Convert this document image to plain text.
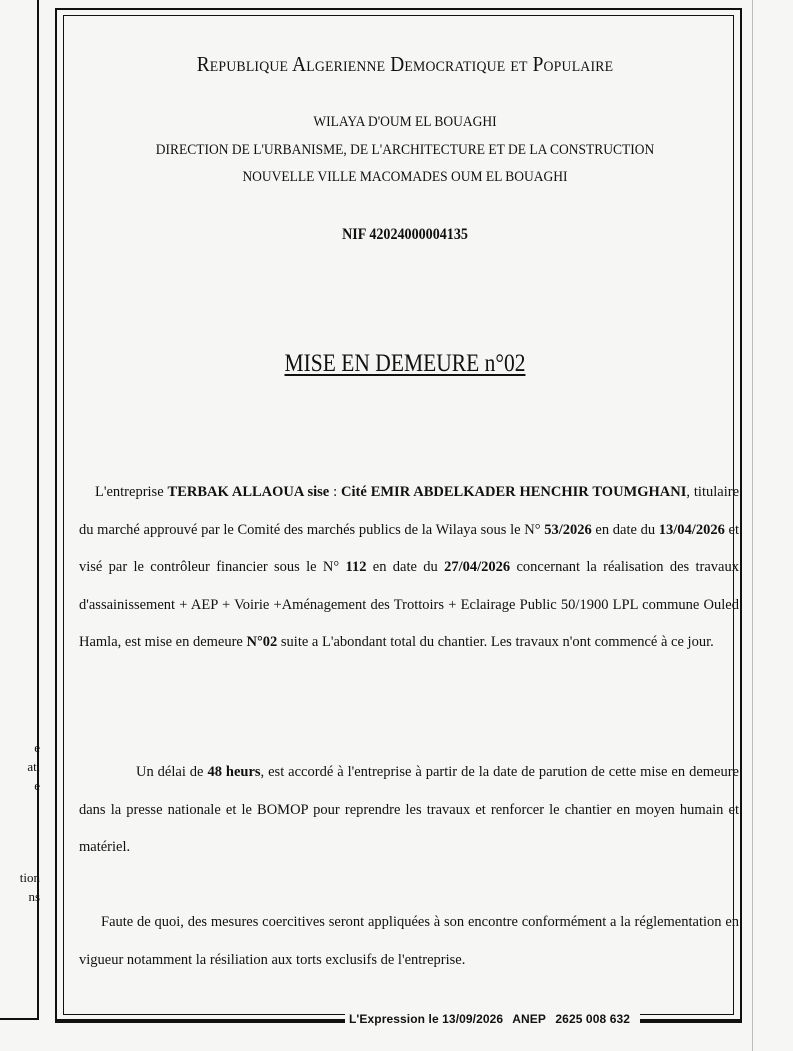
e
at,
e
tion
ns
L'Expression le 13/09/2026 ANEP 2625 008 632
Republique Algerienne Democratique et Populaire
WILAYA D'OUM EL BOUAGHI
DIRECTION DE L'URBANISME, DE L'ARCHITECTURE ET DE LA CONSTRUCTION
NOUVELLE VILLE MACOMADES OUM EL BOUAGHI
NIF 42024000004135
MISE EN DEMEURE n°02
L'entreprise TERBAK ALLAOUA sise : Cité EMIR ABDELKADER HENCHIR TOUMGHANI, titulaire du marché approuvé par le Comité des marchés publics de la Wilaya sous le N° 53/2026 en date du 13/04/2026 et visé par le contrôleur financier sous le N° 112 en date du 27/04/2026 concernant la réalisation des travaux d'assainissement + AEP + Voirie +Aménagement des Trottoirs + Eclairage Public 50/1900 LPL commune Ouled Hamla, est mise en demeure N°02 suite a L'abondant total du chantier. Les travaux n'ont commencé à ce jour.
Un délai de 48 heurs, est accordé à l'entreprise à partir de la date de parution de cette mise en demeure dans la presse nationale et le BOMOP pour reprendre les travaux et renforcer le chantier en moyen humain et matériel.
Faute de quoi, des mesures coercitives seront appliquées à son encontre conformément a la réglementation en vigueur notamment la résiliation aux torts exclusifs de l'entreprise.
